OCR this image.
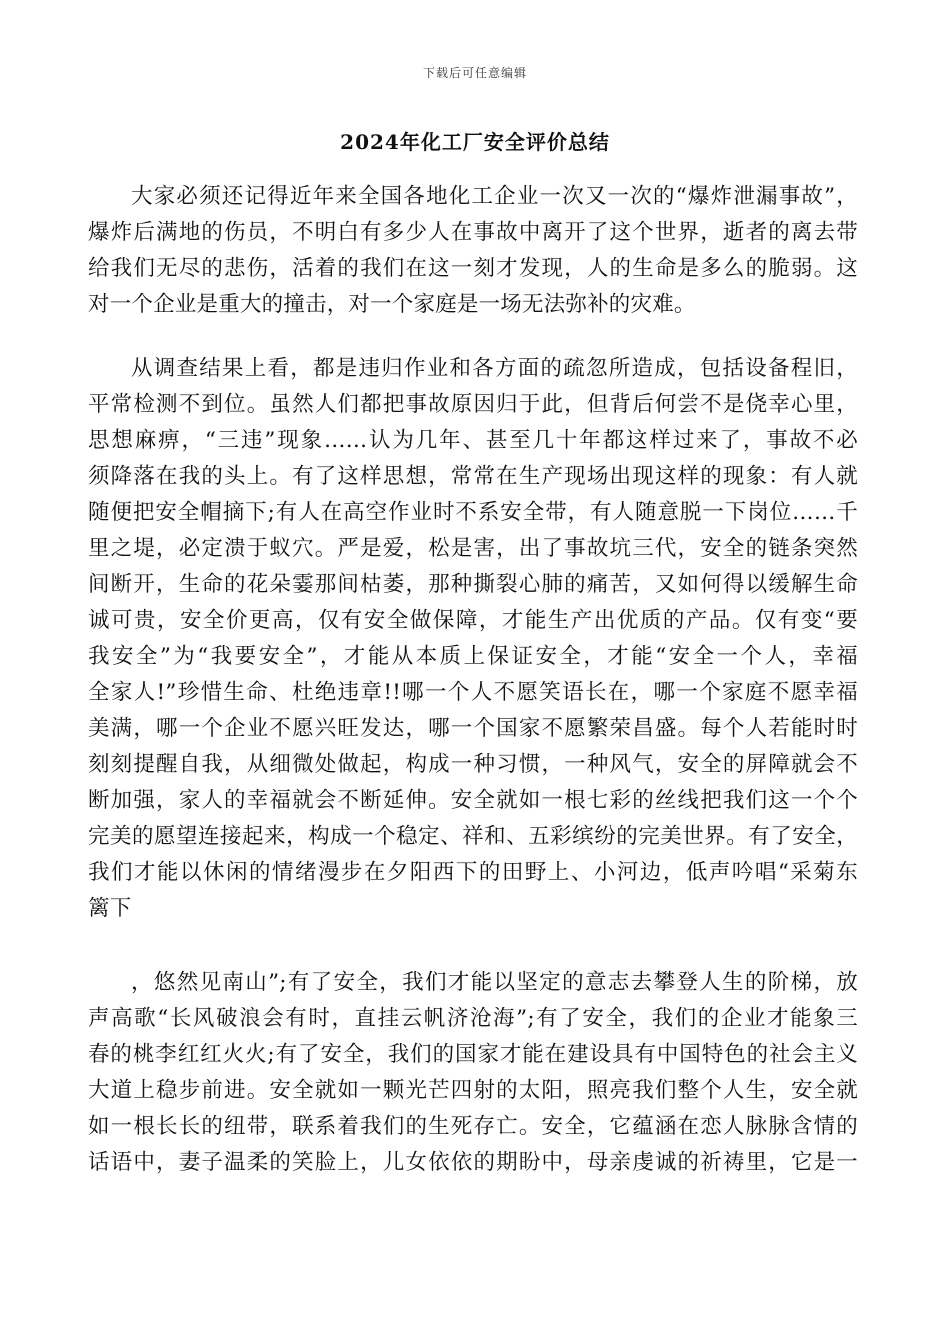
下载后可任意编辑
2024年化工厂安全评价总结
大家必须还记得近年来全国各地化工企业一次又一次的“爆炸泄漏事故”，
爆炸后满地的伤员，不明白有多少人在事故中离开了这个世界，逝者的离去带
给我们无尽的悲伤，活着的我们在这一刻才发现，人的生命是多么的脆弱。这
对一个企业是重大的撞击，对一个家庭是一场无法弥补的灾难。
从调查结果上看，都是违归作业和各方面的疏忽所造成，包括设备程旧，
平常检测不到位。虽然人们都把事故原因归于此，但背后何尝不是侥幸心里，
思想麻痹，“三违”现象……认为几年、甚至几十年都这样过来了，事故不必
须降落在我的头上。有了这样思想，常常在生产现场出现这样的现象：有人就
随便把安全帽摘下;有人在高空作业时不系安全带，有人随意脱一下岗位……千
里之堤，必定溃于蚁穴。严是爱，松是害，出了事故坑三代，安全的链条突然
间断开，生命的花朵霎那间枯萎，那种撕裂心肺的痛苦，又如何得以缓解生命
诚可贵，安全价更高，仅有安全做保障，才能生产出优质的产品。仅有变“要
我安全”为“我要安全”，才能从本质上保证安全，才能“安全一个人，幸福
全家人!”珍惜生命、杜绝违章!!哪一个人不愿笑语长在，哪一个家庭不愿幸福
美满，哪一个企业不愿兴旺发达，哪一个国家不愿繁荣昌盛。每个人若能时时
刻刻提醒自我，从细微处做起，构成一种习惯，一种风气，安全的屏障就会不
断加强，家人的幸福就会不断延伸。安全就如一根七彩的丝线把我们这一个个
完美的愿望连接起来，构成一个稳定、祥和、五彩缤纷的完美世界。有了安全，
我们才能以休闲的情绪漫步在夕阳西下的田野上、小河边，低声吟唱“采菊东
篱下
，悠然见南山”;有了安全，我们才能以坚定的意志去攀登人生的阶梯，放
声高歌“长风破浪会有时，直挂云帆济沧海”;有了安全，我们的企业才能象三
春的桃李红红火火;有了安全，我们的国家才能在建设具有中国特色的社会主义
大道上稳步前进。安全就如一颗光芒四射的太阳，照亮我们整个人生，安全就
如一根长长的纽带，联系着我们的生死存亡。安全，它蕴涵在恋人脉脉含情的
话语中，妻子温柔的笑脸上，儿女依依的期盼中，母亲虔诚的祈祷里，它是一
